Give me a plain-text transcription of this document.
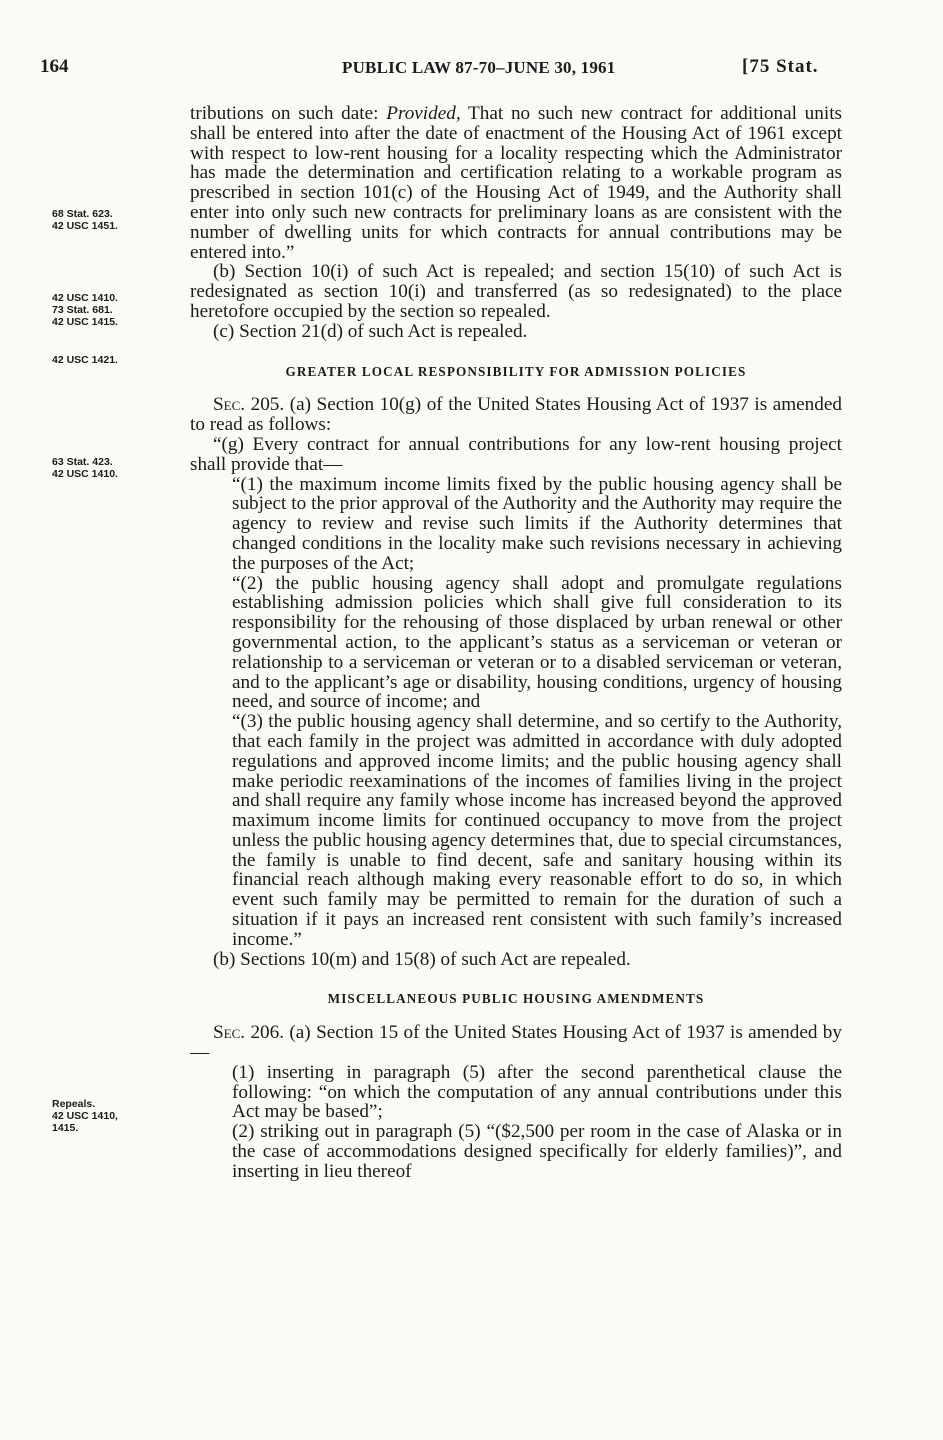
164	PUBLIC LAW 87-70–JUNE 30, 1961	[75 Stat.
68 Stat. 623.
42 USC 1451.
42 USC 1410.
73 Stat. 681.
42 USC 1415.
42 USC 1421.
63 Stat. 423.
42 USC 1410.
Repeals.
42 USC 1410,
1415.

tributions on such date: Provided, That no such new contract for additional units shall be entered into after the date of enactment of the Housing Act of 1961 except with respect to low-rent housing for a locality respecting which the Administrator has made the determination and certification relating to a workable program as prescribed in section 101(c) of the Housing Act of 1949, and the Authority shall enter into only such new contracts for preliminary loans as are consistent with the number of dwelling units for which contracts for annual contributions may be entered into.”

(b) Section 10(i) of such Act is repealed; and section 15(10) of such Act is redesignated as section 10(i) and transferred (as so redesignated) to the place heretofore occupied by the section so repealed.

(c) Section 21(d) of such Act is repealed.

GREATER LOCAL RESPONSIBILITY FOR ADMISSION POLICIES

Sec. 205. (a) Section 10(g) of the United States Housing Act of 1937 is amended to read as follows:

“(g) Every contract for annual contributions for any low-rent housing project shall provide that—

“(1) the maximum income limits fixed by the public housing agency shall be subject to the prior approval of the Authority and the Authority may require the agency to review and revise such limits if the Authority determines that changed conditions in the locality make such revisions necessary in achieving the purposes of the Act;

“(2) the public housing agency shall adopt and promulgate regulations establishing admission policies which shall give full consideration to its responsibility for the rehousing of those displaced by urban renewal or other governmental action, to the applicant’s status as a serviceman or veteran or relationship to a serviceman or veteran or to a disabled serviceman or veteran, and to the applicant’s age or disability, housing conditions, urgency of housing need, and source of income; and

“(3) the public housing agency shall determine, and so certify to the Authority, that each family in the project was admitted in accordance with duly adopted regulations and approved income limits; and the public housing agency shall make periodic reexaminations of the incomes of families living in the project and shall require any family whose income has increased beyond the approved maximum income limits for continued occupancy to move from the project unless the public housing agency determines that, due to special circumstances, the family is unable to find decent, safe and sanitary housing within its financial reach although making every reasonable effort to do so, in which event such family may be permitted to remain for the duration of such a situation if it pays an increased rent consistent with such family’s increased income.”

(b) Sections 10(m) and 15(8) of such Act are repealed.

MISCELLANEOUS PUBLIC HOUSING AMENDMENTS

Sec. 206. (a) Section 15 of the United States Housing Act of 1937 is amended by—

(1) inserting in paragraph (5) after the second parenthetical clause the following: “on which the computation of any annual contributions under this Act may be based”;

(2) striking out in paragraph (5) “($2,500 per room in the case of Alaska or in the case of accommodations designed specifically for elderly families)”, and inserting in lieu thereof
